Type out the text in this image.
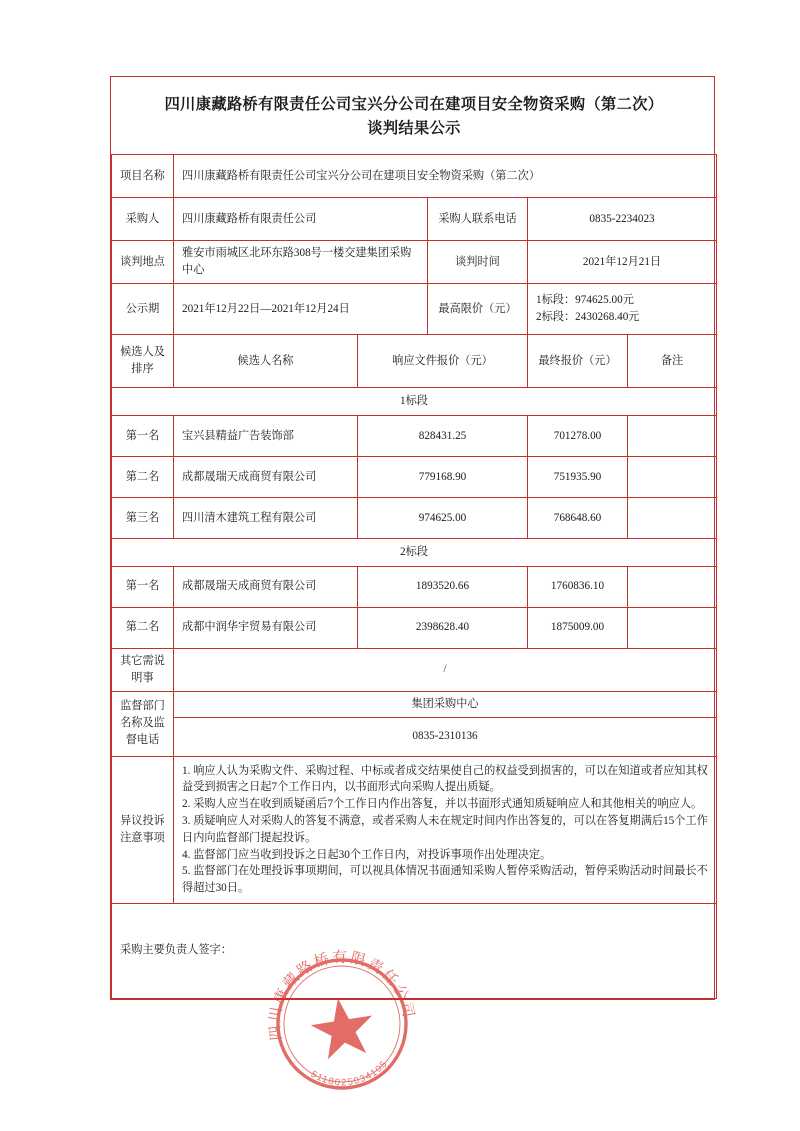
四川康藏路桥有限责任公司宝兴分公司在建项目安全物资采购（第二次）
谈判结果公示					

项目名称	四川康藏路桥有限责任公司宝兴分公司在建项目安全物资采购（第二次）				
采购人	四川康藏路桥有限责任公司		采购人联系电话	0835-2234023	
谈判地点	雅安市雨城区北环东路308号一楼交建集团采购中心		谈判时间	2021年12月21日	
公示期	2021年12月22日—2021年12月24日		最高限价（元）	1标段：974625.00元
2标段：2430268.40元	

候选人及排序	候选人名称	响应文件报价（元）		最终报价（元）	备注
1标段					
第一名	宝兴县精益广告装饰部	828431.25		701278.00	
第二名	成都晟瑞天成商贸有限公司	779168.90		751935.90	
第三名	四川清木建筑工程有限公司	974625.00		768648.60	
2标段					
第一名	成都晟瑞天成商贸有限公司	1893520.66		1760836.10	
第二名	成都中润华宇贸易有限公司	2398628.40		1875009.00	
其它需说明事	/				
监督部门名称及监督电话	集团采购中心				
	0835-2310136				
异议投诉注意事项	1. 响应人认为采购文件、采购过程、中标或者成交结果使自己的权益受到损害的，可以在知道或者应知其权益受到损害之日起7个工作日内，以书面形式向采购人提出质疑。
2. 采购人应当在收到质疑函后7个工作日内作出答复，并以书面形式通知质疑响应人和其他相关的响应人。
3. 质疑响应人对采购人的答复不满意，或者采购人未在规定时间内作出答复的，可以在答复期满后15个工作日内向监督部门提起投诉。
4. 监督部门应当收到投诉之日起30个工作日内，对投诉事项作出处理决定。
5. 监督部门在处理投诉事项期间，可以视具体情况书面通知采购人暂停采购活动，暂停采购活动时间最长不得超过30日。				

采购主要负责人签字：					
四川康藏路桥有限责任公司
5118025034105
